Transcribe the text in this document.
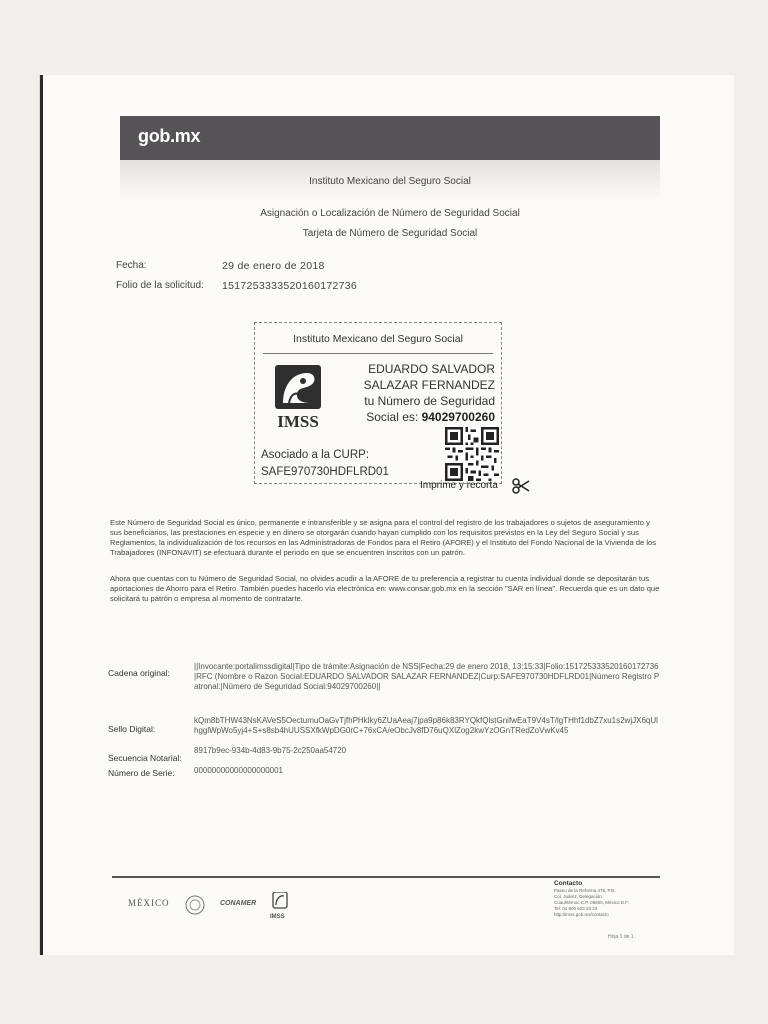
gob.mx
Instituto Mexicano del Seguro Social
Asignación o Localización de Número de Seguridad Social
Tarjeta de Número de Seguridad Social
Fecha:	29 de enero de 2018
Folio de la solicitud: 151725333352016017​2736
Instituto Mexicano del Seguro Social
IMSS
EDUARDO SALVADOR
SALAZAR FERNANDEZ
tu Número de Seguridad
Social es: 94029700260
Asociado a la CURP:
SAFE970730HDFLRD01
Imprime y recorta
Este Número de Seguridad Social es único, permanente e intransferible y se asigna para el control del registro de los trabajadores o sujetos de aseguramiento y sus beneficiarios, las prestaciones en especie y en dinero se otorgarán cuando hayan cumplido con los requisitos previstos en la Ley del Seguro Social y sus Reglamentos, la individualización de los recursos en las Administradoras de Fondos para el Retiro (AFORE) y el Instituto del Fondo Nacional de la Vivienda de los Trabajadores (INFONAVIT) se efectuará durante el periodo en que se encuentren inscritos con un patrón.
Ahora que cuentas con tu Número de Seguridad Social, no olvides acudir a la AFORE de tu preferencia a registrar tu cuenta individual donde se depositarán tus aportaciones de Ahorro para el Retiro. También puedes hacerlo vía electrónica en: www.consar.gob.mx en la sección "SAR en línea". Recuerda que es un dato que solicitará tu patrón o empresa al momento de contratarte.
Cadena original:
||Invocante:portalimssdigital|Tipo de trámite:Asignación de NSS|Fecha:29 de enero 2018, 13:15:33|Folio:151725333520160172736|RFC (Nombre o Razon Social:EDUARDO SALVADOR SALAZAR FERNANDEZ|Curp:SAFE970730HDFLRD01|Número Registro Patronal:|Número de Seguridad Social:94029700260||
Sello Digital:
kQm8bTHW43NsKAVeS5OectumuOaGvTjfhPHklky6ZUaAeaj7jpa9p86k83RYQkfQlstGnifwEaT9V4sT/lgTHhf1dbZ7xu1s2wjJX6qUlhgglWpWo5yj4+S+s8sb4hUUSSXfkWpDG0rC+76xCA/eObcJv8fD76uQXlZog2kwYzOGnTRedZoVwKv45
Secuencia Notarial:
8917b9ec-934b-4d83-9b75-2c250aa54720
Número de Serie: 00000000000000000001
MÉXICO	CONAMER
IMSS
Contacto
Paseo de la Reforma 476, P.B.
Col. Juárez, Delegación
Cuauhtémoc C.P. 06600, México D.F.
Tel: 01 800 623 23 23
http://imss.gob.mx/contacto
Hoja 1 de 1
